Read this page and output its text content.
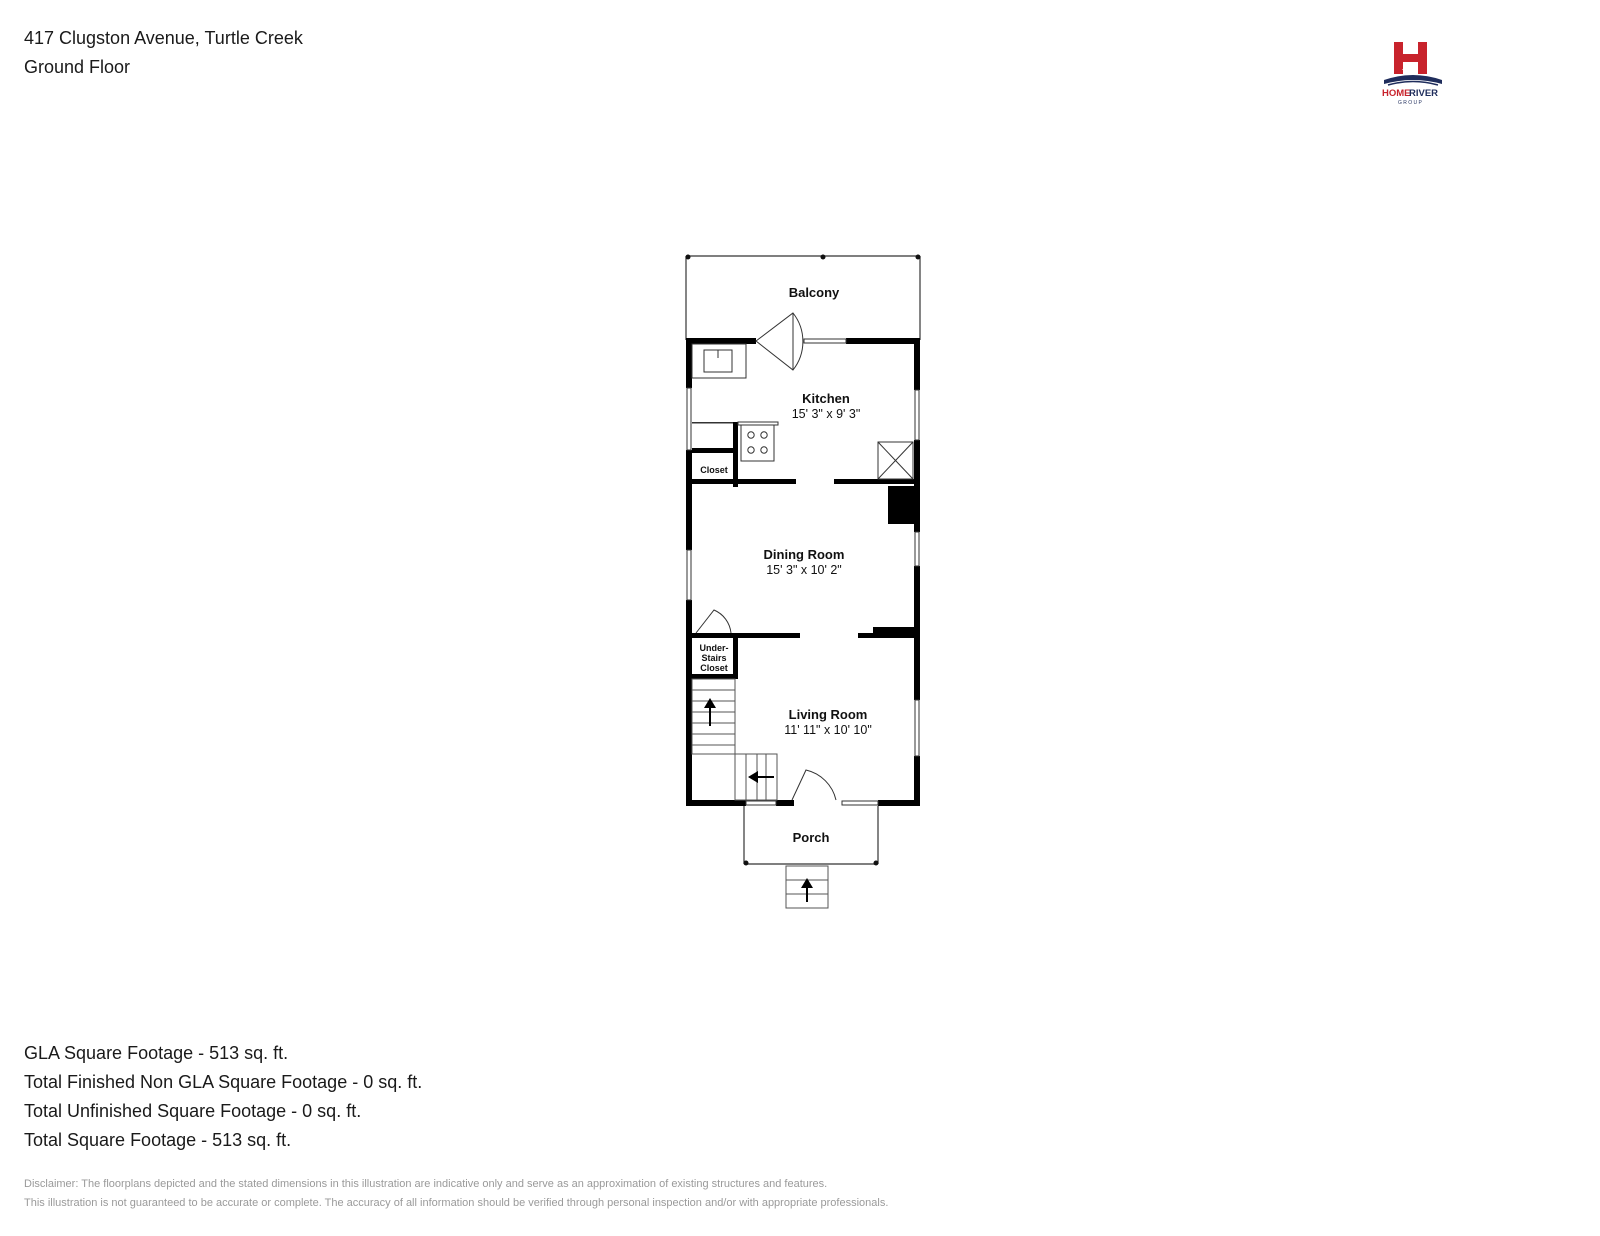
417 Clugston Avenue, Turtle Creek
Ground Floor
HOME
RIVER
G R O U P
Balcony
Porch
Kitchen
15' 3" x 9' 3"
Closet
Dining Room
15' 3" x 10' 2"
Under-
Stairs
Closet
Living Room
11' 11" x 10' 10"
GLA Square Footage - 513 sq. ft.
Total Finished Non GLA Square Footage - 0 sq. ft.
Total Unfinished Square Footage - 0 sq. ft.
Total Square Footage - 513 sq. ft.
Disclaimer: The floorplans depicted and the stated dimensions in this illustration are indicative only and serve as an approximation of existing structures and features.
This illustration is not guaranteed to be accurate or complete. The accuracy of all information should be verified through personal inspection and/or with appropriate professionals.
